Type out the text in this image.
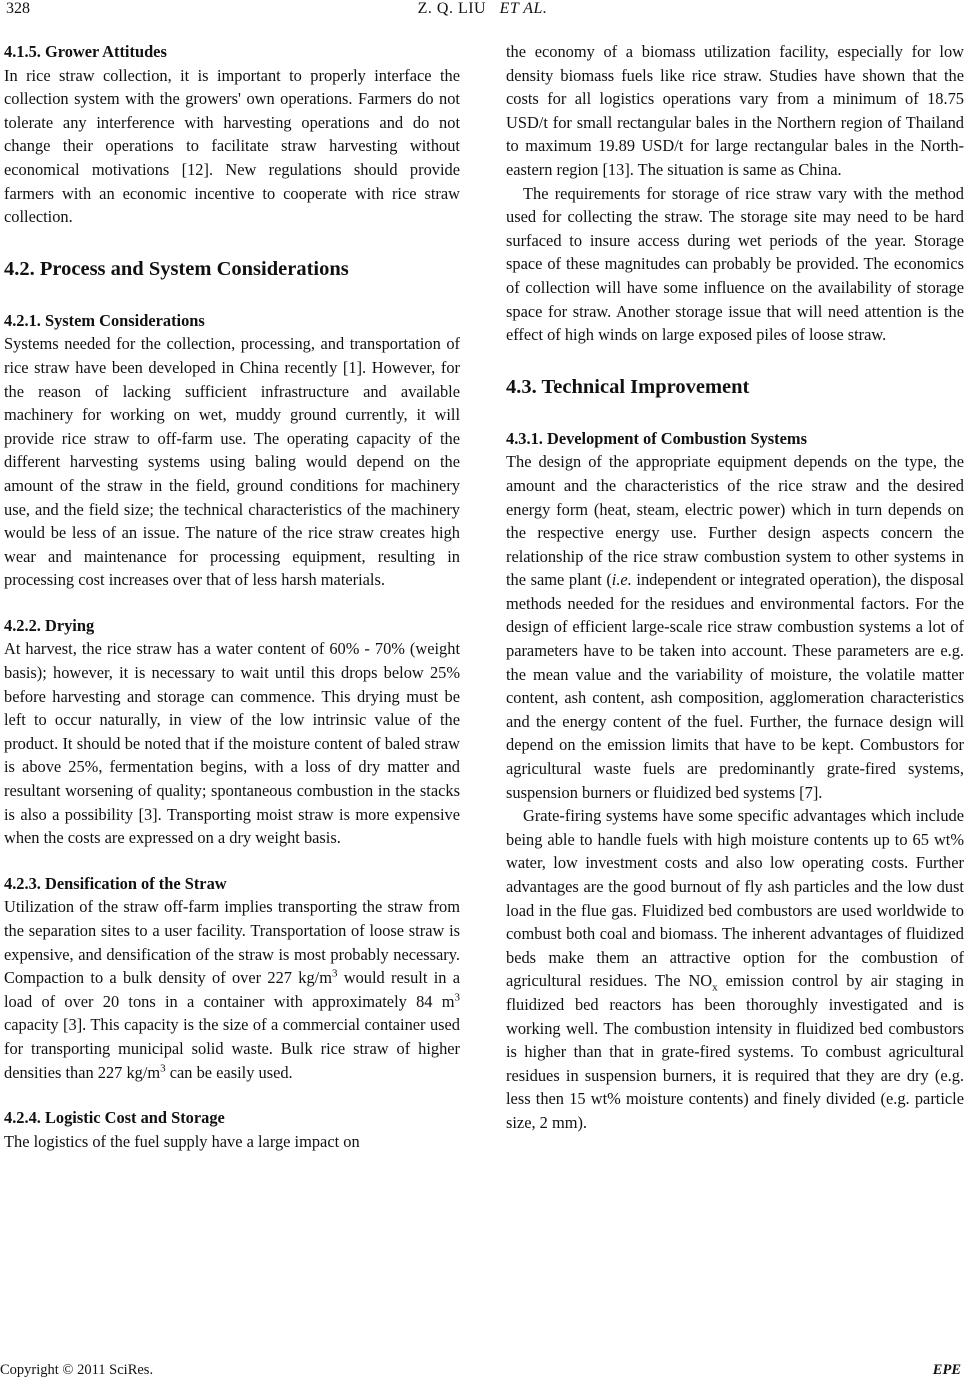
328	Z. Q. LIU ET AL.

4.1.5. Grower Attitudes

In rice straw collection, it is important to properly interface the collection system with the growers' own operations. Farmers do not tolerate any interference with harvesting operations and do not change their operations to facilitate straw harvesting without economical motivations [12]. New regulations should provide farmers with an economic incentive to cooperate with rice straw collection.

4.2. Process and System Considerations

4.2.1. System Considerations

Systems needed for the collection, processing, and transportation of rice straw have been developed in China recently [1]. However, for the reason of lacking sufficient infrastructure and available machinery for working on wet, muddy ground currently, it will provide rice straw to off-farm use. The operating capacity of the different harvesting systems using baling would depend on the amount of the straw in the field, ground conditions for machinery use, and the field size; the technical characteristics of the machinery would be less of an issue. The nature of the rice straw creates high wear and maintenance for processing equipment, resulting in processing cost increases over that of less harsh materials.

4.2.2. Drying

At harvest, the rice straw has a water content of 60% - 70% (weight basis); however, it is necessary to wait until this drops below 25% before harvesting and storage can commence. This drying must be left to occur naturally, in view of the low intrinsic value of the product. It should be noted that if the moisture content of baled straw is above 25%, fermentation begins, with a loss of dry matter and resultant worsening of quality; spontaneous combustion in the stacks is also a possibility [3]. Transporting moist straw is more expensive when the costs are expressed on a dry weight basis.

4.2.3. Densification of the Straw

Utilization of the straw off-farm implies transporting the straw from the separation sites to a user facility. Transportation of loose straw is expensive, and densification of the straw is most probably necessary. Compaction to a bulk density of over 227 $kg/m^3$ would result in a load of over 20 tons in a container with approximately 84 $m^3$ capacity [3]. This capacity is the size of a commercial container used for transporting municipal solid waste. Bulk rice straw of higher densities than 227 $kg/m^3$ can be easily used.

4.2.4. Logistic Cost and Storage

The logistics of the fuel supply have a large impact on

the economy of a biomass utilization facility, especially for low density biomass fuels like rice straw. Studies have shown that the costs for all logistics operations vary from a minimum of 18.75 USD/t for small rectangular bales in the Northern region of Thailand to maximum 19.89 USD/t for large rectangular bales in the North-eastern region [13]. The situation is same as China.

The requirements for storage of rice straw vary with the method used for collecting the straw. The storage site may need to be hard surfaced to insure access during wet periods of the year. Storage space of these magnitudes can probably be provided. The economics of collection will have some influence on the availability of storage space for straw. Another storage issue that will need attention is the effect of high winds on large exposed piles of loose straw.

4.3. Technical Improvement

4.3.1. Development of Combustion Systems

The design of the appropriate equipment depends on the type, the amount and the characteristics of the rice straw and the desired energy form (heat, steam, electric power) which in turn depends on the respective energy use. Further design aspects concern the relationship of the rice straw combustion system to other systems in the same plant (i.e. independent or integrated operation), the disposal methods needed for the residues and environmental factors. For the design of efficient large-scale rice straw combustion systems a lot of parameters have to be taken into account. These parameters are e.g. the mean value and the variability of moisture, the volatile matter content, ash content, ash composition, agglomeration characteristics and the energy content of the fuel. Further, the furnace design will depend on the emission limits that have to be kept. Combustors for agricultural waste fuels are predominantly grate-fired systems, suspension burners or fluidized bed systems [7].

Grate-firing systems have some specific advantages which include being able to handle fuels with high moisture contents up to 65 wt% water, low investment costs and also low operating costs. Further advantages are the good burnout of fly ash particles and the low dust load in the flue gas. Fluidized bed combustors are used worldwide to combust both coal and biomass. The inherent advantages of fluidized beds make them an attractive option for the combustion of agricultural residues. The $NO_x$ emission control by air staging in fluidized bed reactors has been thoroughly investigated and is working well. The combustion intensity in fluidized bed combustors is higher than that in grate-fired systems. To combust agricultural residues in suspension burners, it is required that they are dry (e.g. less then 15 wt% moisture contents) and finely divided (e.g. particle size, 2 mm).

Copyright © 2011 SciRes.	EPE
